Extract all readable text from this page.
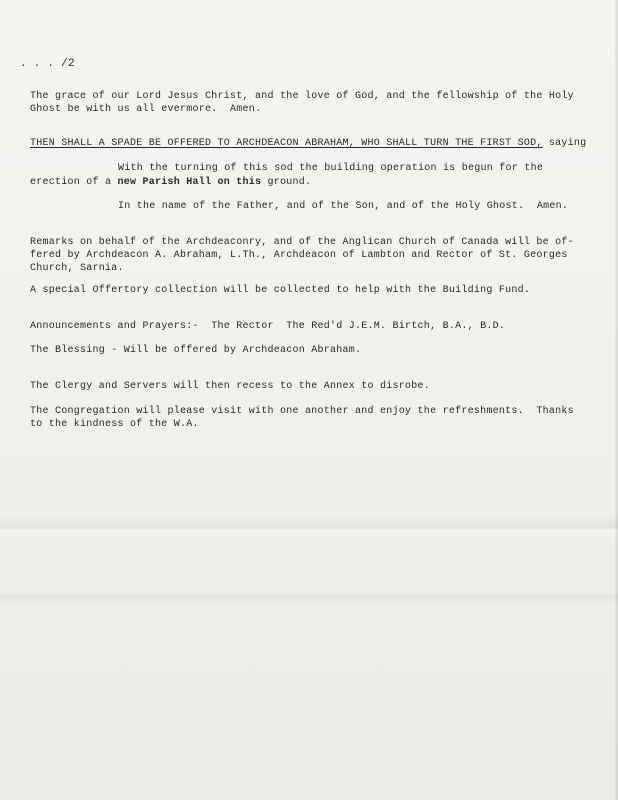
. . . /2
The grace of our Lord Jesus Christ, and the love of God, and the fellowship of the Holy
Ghost be with us all evermore.  Amen.
THEN SHALL A SPADE BE OFFERED TO ARCHDEACON ABRAHAM, WHO SHALL TURN THE FIRST SOD, saying
With the turning of this sod the building operation is begun for the
erection of a new Parish Hall on this ground.
In the name of the Father, and of the Son, and of the Holy Ghost.  Amen.
Remarks on behalf of the Archdeaconry, and of the Anglican Church of Canada will be of-
fered by Archdeacon A. Abraham, L.Th., Archdeacon of Lambton and Rector of St. Georges
Church, Sarnia.
A special Offertory collection will be collected to help with the Building Fund.
Announcements and Prayers:-  The Rector  The Red'd J.E.M. Birtch, B.A., B.D.
The Blessing - Will be offered by Archdeacon Abraham.
The Clergy and Servers will then recess to the Annex to disrobe.
The Congregation will please visit with one another and enjoy the refreshments.  Thanks
to the kindness of the W.A.
